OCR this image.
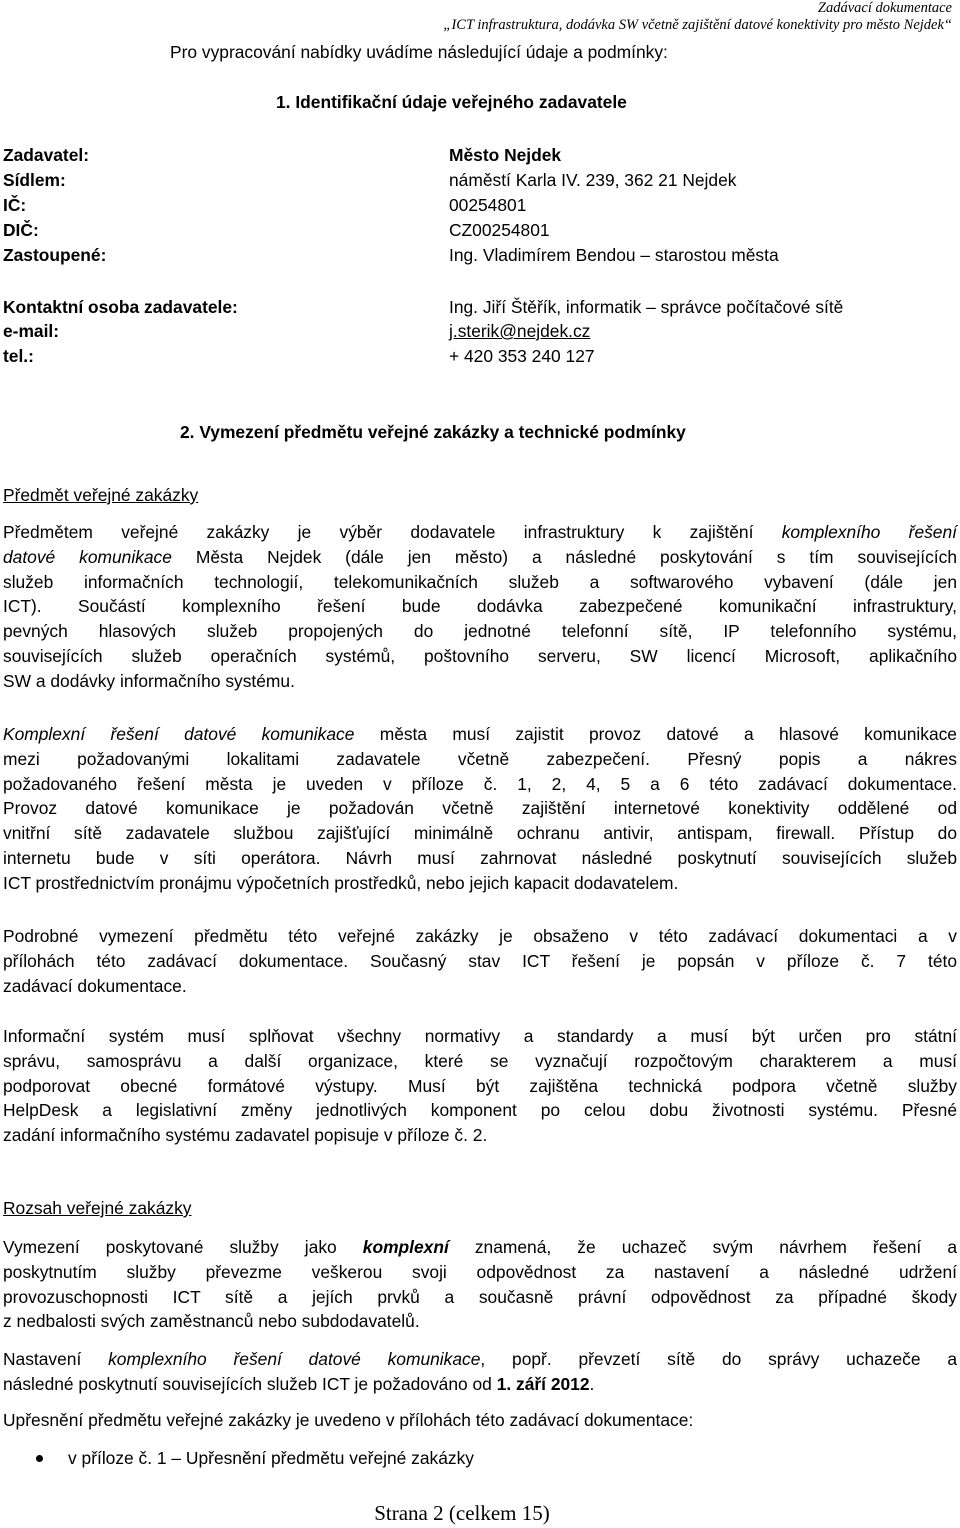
Zadávací dokumentace
„ICT infrastruktura, dodávka SW včetně zajištění datové konektivity pro město Nejdek“
Pro vypracování nabídky uvádíme následující údaje a podmínky:
1. Identifikační údaje veřejného zadavatele
Zadavatel:	Město Nejdek
Sídlem:	náměstí Karla IV. 239, 362 21 Nejdek
IČ:	00254801
DIČ:	CZ00254801
Zastoupené:	Ing. Vladimírem Bendou – starostou města
Kontaktní osoba zadavatele:	Ing. Jiří Štěřík, informatik – správce počítačové sítě
e-mail:	j.sterik@nejdek.cz
tel.:	+ 420 353 240 127
2. Vymezení předmětu veřejné zakázky a technické podmínky
Předmět veřejné zakázky
Předmětem veřejné zakázky je výběr dodavatele infrastruktury k zajištění komplexního řešení
datové komunikace Města Nejdek (dále jen město) a následné poskytování s tím souvisejících
služeb informačních technologií, telekomunikačních služeb a softwarového vybavení (dále jen
ICT). Součástí komplexního řešení bude dodávka zabezpečené komunikační infrastruktury,
pevných hlasových služeb propojených do jednotné telefonní sítě, IP telefonního systému,
souvisejících služeb operačních systémů, poštovního serveru, SW licencí Microsoft, aplikačního
SW a dodávky informačního systému.
Komplexní řešení datové komunikace města musí zajistit provoz datové a hlasové komunikace
mezi požadovanými lokalitami zadavatele včetně zabezpečení. Přesný popis a nákres
požadovaného řešení města je uveden v příloze č. 1, 2, 4, 5 a 6 této zadávací dokumentace.
Provoz datové komunikace je požadován včetně zajištění internetové konektivity oddělené od
vnitřní sítě zadavatele službou zajišťující minimálně ochranu antivir, antispam, firewall. Přístup do
internetu bude v síti operátora. Návrh musí zahrnovat následné poskytnutí souvisejících služeb
ICT prostřednictvím pronájmu výpočetních prostředků, nebo jejich kapacit dodavatelem.
Podrobné vymezení předmětu této veřejné zakázky je obsaženo v této zadávací dokumentaci a v
přílohách této zadávací dokumentace. Současný stav ICT řešení je popsán v příloze č. 7 této
zadávací dokumentace.
Informační systém musí splňovat všechny normativy a standardy a musí být určen pro státní
správu, samosprávu a další organizace, které se vyznačují rozpočtovým charakterem a musí
podporovat obecné formátové výstupy. Musí být zajištěna technická podpora včetně služby
HelpDesk a legislativní změny jednotlivých komponent po celou dobu životnosti systému. Přesné
zadání informačního systému zadavatel popisuje v příloze č. 2.
Rozsah veřejné zakázky
Vymezení poskytované služby jako komplexní znamená, že uchazeč svým návrhem řešení a
poskytnutím služby převezme veškerou svoji odpovědnost za nastavení a následné udržení
provozuschopnosti ICT sítě a jejích prvků a současně právní odpovědnost za případné škody
z nedbalosti svých zaměstnanců nebo subdodavatelů.
Nastavení komplexního řešení datové komunikace, popř. převzetí sítě do správy uchazeče a
následné poskytnutí souvisejících služeb ICT je požadováno od 1. září 2012.
Upřesnění předmětu veřejné zakázky je uvedeno v přílohách této zadávací dokumentace:
v příloze č. 1 – Upřesnění předmětu veřejné zakázky
Strana 2 (celkem 15)
